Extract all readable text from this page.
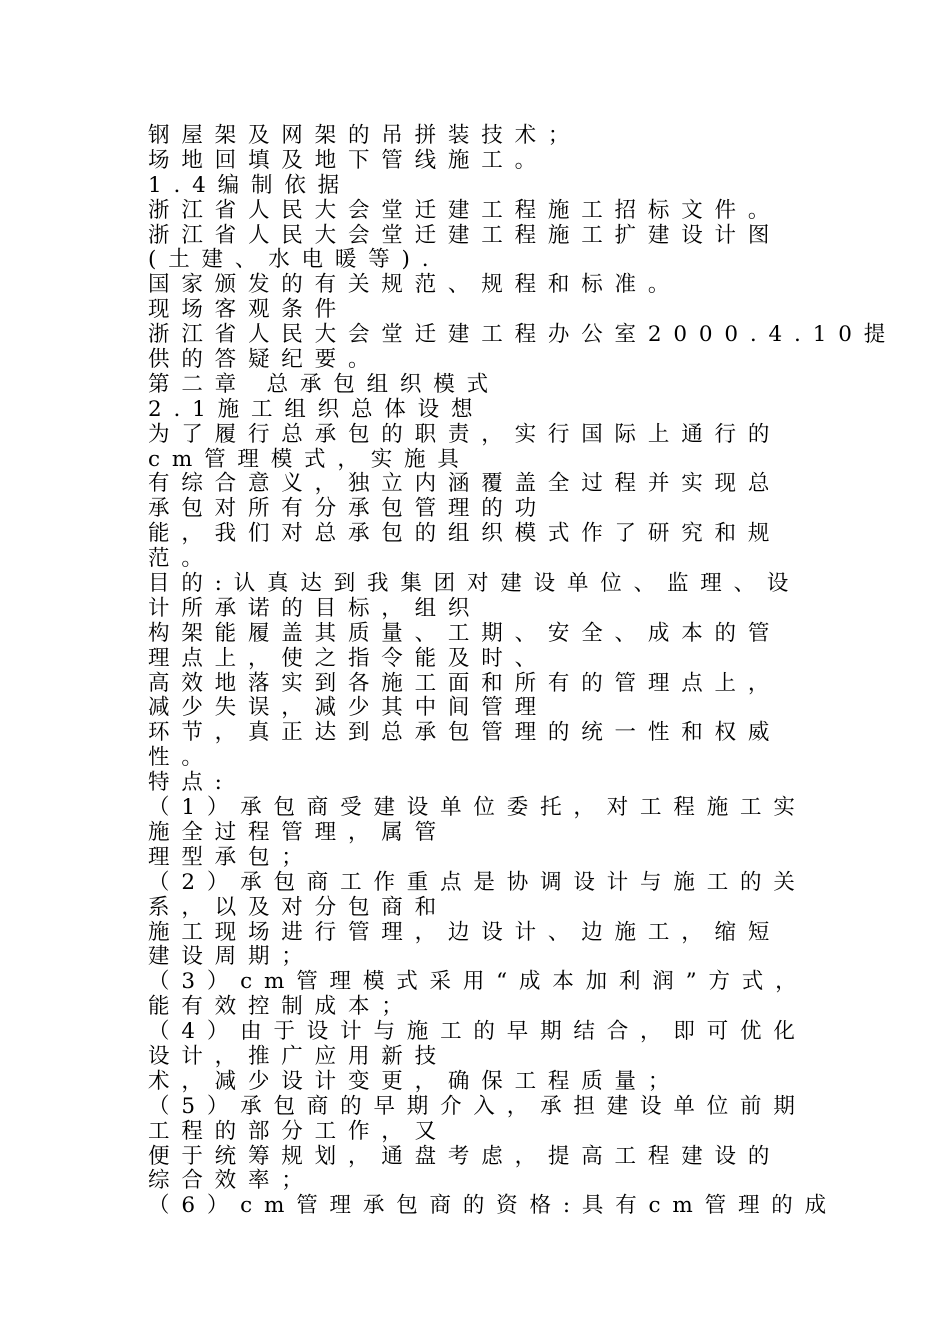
钢屋架及网架的吊拼装技术；
场地回填及地下管线施工。
1.4编制依据
浙江省人民大会堂迁建工程施工招标文件。
浙江省人民大会堂迁建工程施工扩建设计图
(土建、水电暖等).
国家颁发的有关规范、规程和标准。
现场客观条件
浙江省人民大会堂迁建工程办公室2000.4.10提
供的答疑纪要。
第二章 总承包组织模式
2.1施工组织总体设想
为了履行总承包的职责，实行国际上通行的
cm管理模式，实施具
有综合意义，独立内涵覆盖全过程并实现总
承包对所有分承包管理的功
能，我们对总承包的组织模式作了研究和规
范。
目的:认真达到我集团对建设单位、监理、设
计所承诺的目标，组织
构架能履盖其质量、工期、安全、成本的管
理点上，使之指令能及时、
高效地落实到各施工面和所有的管理点上，
减少失误，减少其中间管理
环节，真正达到总承包管理的统一性和权威
性。
特点:
（1）承包商受建设单位委托，对工程施工实
施全过程管理，属管
理型承包；
（2）承包商工作重点是协调设计与施工的关
系，以及对分包商和
施工现场进行管理，边设计、边施工，缩短
建设周期；
（3）cm管理模式采用“成本加利润”方式，
能有效控制成本；
（4）由于设计与施工的早期结合，即可优化
设计，推广应用新技
术，减少设计变更，确保工程质量；
（5）承包商的早期介入，承担建设单位前期
工程的部分工作，又
便于统筹规划，通盘考虑，提高工程建设的
综合效率；
（6）cm管理承包商的资格:具有cm管理的成
